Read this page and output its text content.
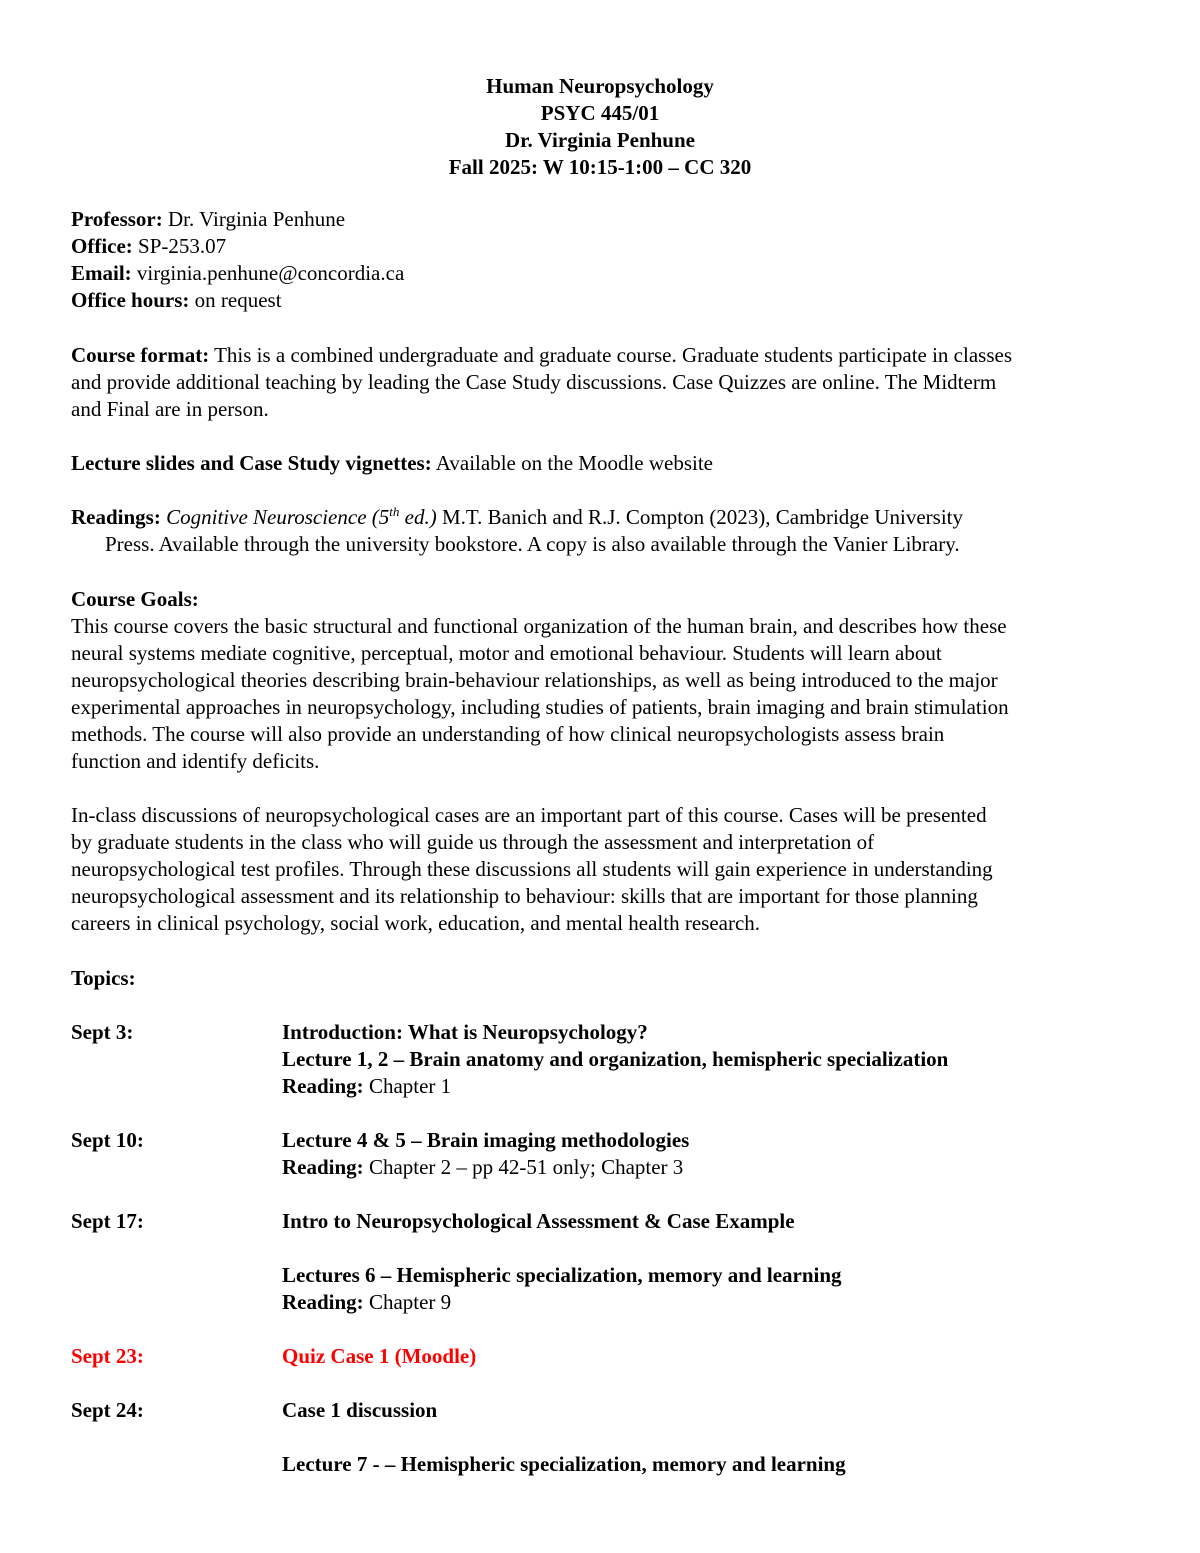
Human Neuropsychology
PSYC 445/01
Dr. Virginia Penhune
Fall 2025: W 10:15-1:00 – CC 320
Professor: Dr. Virginia Penhune
Office: SP-253.07
Email: virginia.penhune@concordia.ca
Office hours: on request
Course format: This is a combined undergraduate and graduate course. Graduate students participate in classes
and provide additional teaching by leading the Case Study discussions. Case Quizzes are online. The Midterm
and Final are in person.
Lecture slides and Case Study vignettes: Available on the Moodle website
Readings: Cognitive Neuroscience (5th ed.) M.T. Banich and R.J. Compton (2023), Cambridge University
Press. Available through the university bookstore. A copy is also available through the Vanier Library.
Course Goals:
This course covers the basic structural and functional organization of the human brain, and describes how these
neural systems mediate cognitive, perceptual, motor and emotional behaviour. Students will learn about
neuropsychological theories describing brain-behaviour relationships, as well as being introduced to the major
experimental approaches in neuropsychology, including studies of patients, brain imaging and brain stimulation
methods. The course will also provide an understanding of how clinical neuropsychologists assess brain
function and identify deficits.
In-class discussions of neuropsychological cases are an important part of this course. Cases will be presented
by graduate students in the class who will guide us through the assessment and interpretation of
neuropsychological test profiles. Through these discussions all students will gain experience in understanding
neuropsychological assessment and its relationship to behaviour: skills that are important for those planning
careers in clinical psychology, social work, education, and mental health research.
Topics:
Sept 3:	Introduction: What is Neuropsychology?
Lecture 1, 2 – Brain anatomy and organization, hemispheric specialization
Reading: Chapter 1
Sept 10:	Lecture 4 & 5 – Brain imaging methodologies
Reading: Chapter 2 – pp 42-51 only; Chapter 3
Sept 17:	Intro to Neuropsychological Assessment & Case Example
Lectures 6 – Hemispheric specialization, memory and learning
Reading: Chapter 9
Sept 23:	Quiz Case 1 (Moodle)
Sept 24:	Case 1 discussion
Lecture 7 - – Hemispheric specialization, memory and learning
